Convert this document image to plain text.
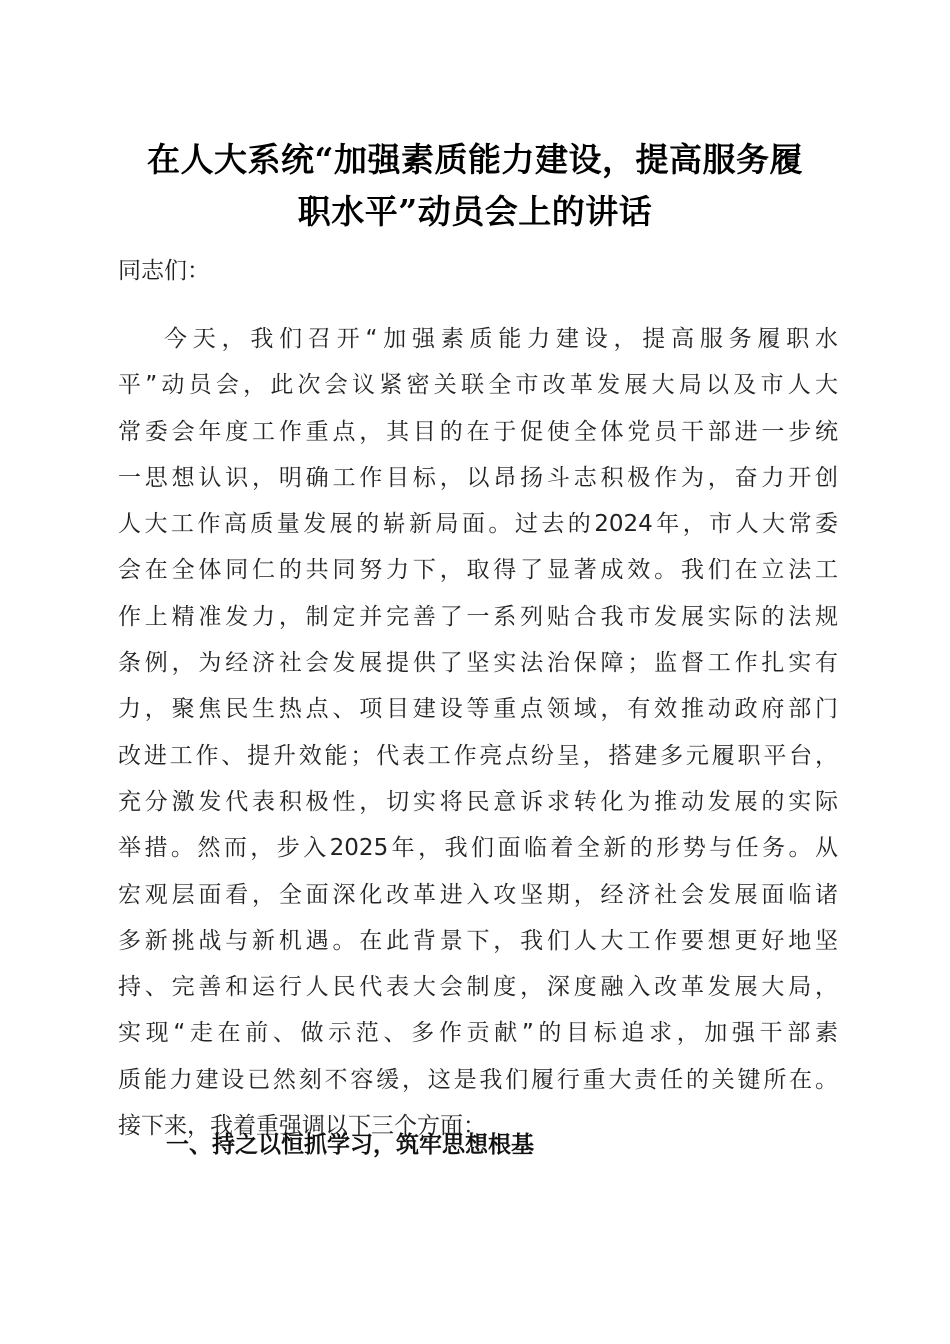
在人大系统“加强素质能力建设，提高服务履
职水平”动员会上的讲话
同志们：
今天，我们召开“加强素质能力建设，提高服务履职水
平”动员会，此次会议紧密关联全市改革发展大局以及市人大
常委会年度工作重点，其目的在于促使全体党员干部进一步统
一思想认识，明确工作目标，以昂扬斗志积极作为，奋力开创
人大工作高质量发展的崭新局面。过去的2024年，市人大常委
会在全体同仁的共同努力下，取得了显著成效。我们在立法工
作上精准发力，制定并完善了一系列贴合我市发展实际的法规
条例，为经济社会发展提供了坚实法治保障；监督工作扎实有
力，聚焦民生热点、项目建设等重点领域，有效推动政府部门
改进工作、提升效能；代表工作亮点纷呈，搭建多元履职平台，
充分激发代表积极性，切实将民意诉求转化为推动发展的实际
举措。然而，步入2025年，我们面临着全新的形势与任务。从
宏观层面看，全面深化改革进入攻坚期，经济社会发展面临诸
多新挑战与新机遇。在此背景下，我们人大工作要想更好地坚
持、完善和运行人民代表大会制度，深度融入改革发展大局，
实现“走在前、做示范、多作贡献”的目标追求，加强干部素
质能力建设已然刻不容缓，这是我们履行重大责任的关键所在。
接下来，我着重强调以下三个方面：
一、持之以恒抓学习，筑牢思想根基
